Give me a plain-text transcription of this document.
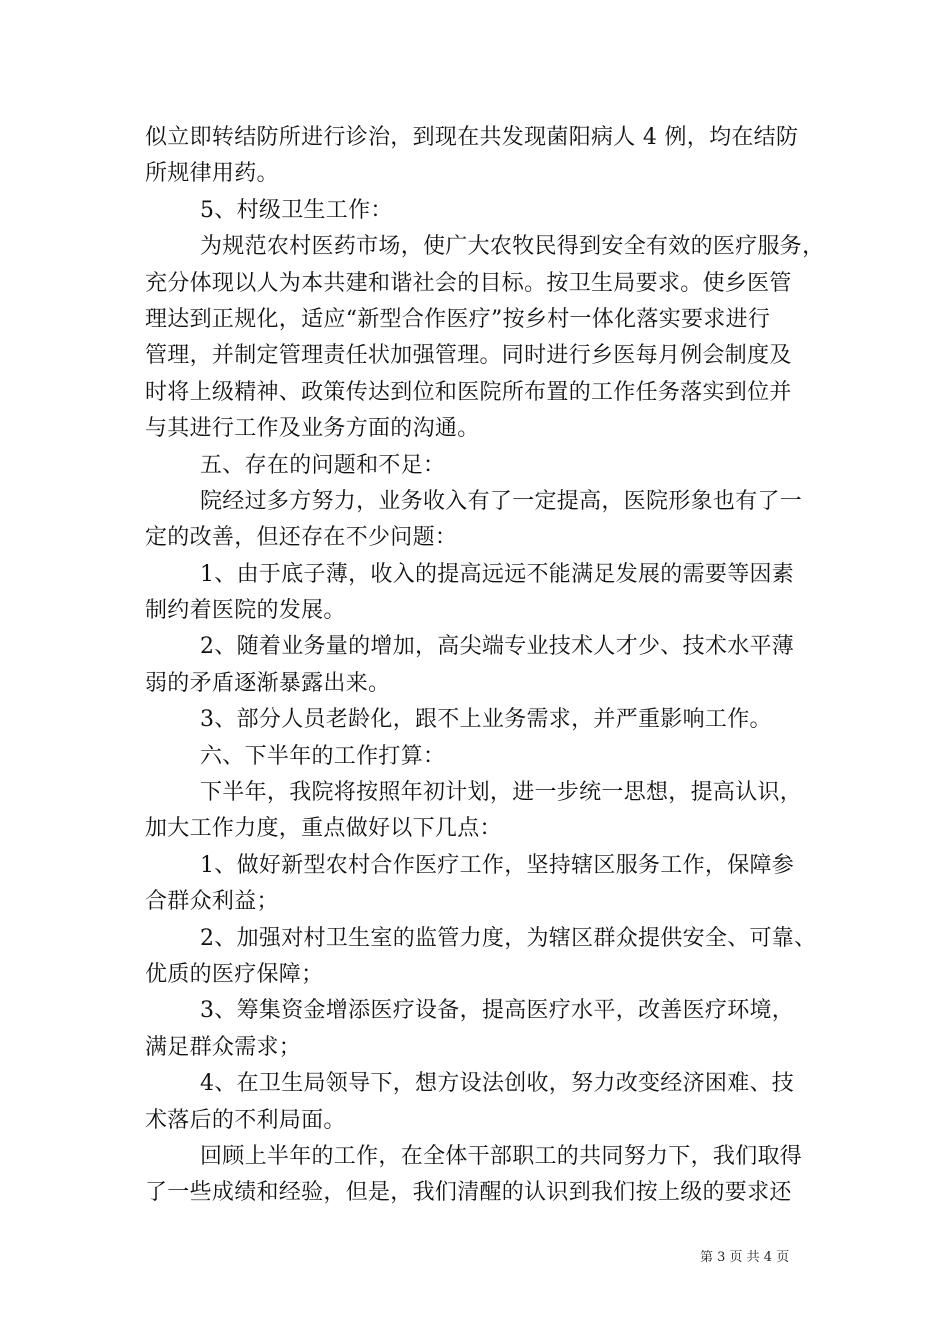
似立即转结防所进行诊治，到现在共发现菌阳病人 4 例，均在结防
所规律用药。
5、村级卫生工作：
为规范农村医药市场，使广大农牧民得到安全有效的医疗服务，
充分体现以人为本共建和谐社会的目标。按卫生局要求。使乡医管
理达到正规化，适应“新型合作医疗”按乡村一体化落实要求进行
管理，并制定管理责任状加强管理。同时进行乡医每月例会制度及
时将上级精神、政策传达到位和医院所布置的工作任务落实到位并
与其进行工作及业务方面的沟通。
五、存在的问题和不足：
院经过多方努力，业务收入有了一定提高，医院形象也有了一
定的改善，但还存在不少问题：
1、由于底子薄，收入的提高远远不能满足发展的需要等因素
制约着医院的发展。
2、随着业务量的增加，高尖端专业技术人才少、技术水平薄
弱的矛盾逐渐暴露出来。
3、部分人员老龄化，跟不上业务需求，并严重影响工作。
六、下半年的工作打算：
下半年，我院将按照年初计划，进一步统一思想，提高认识，
加大工作力度，重点做好以下几点：
1、做好新型农村合作医疗工作，坚持辖区服务工作，保障参
合群众利益；
2、加强对村卫生室的监管力度，为辖区群众提供安全、可靠、
优质的医疗保障；
3、筹集资金增添医疗设备，提高医疗水平，改善医疗环境，
满足群众需求；
4、在卫生局领导下，想方设法创收，努力改变经济困难、技
术落后的不利局面。
回顾上半年的工作，在全体干部职工的共同努力下，我们取得
了一些成绩和经验，但是，我们清醒的认识到我们按上级的要求还
第 3 页 共 4 页
